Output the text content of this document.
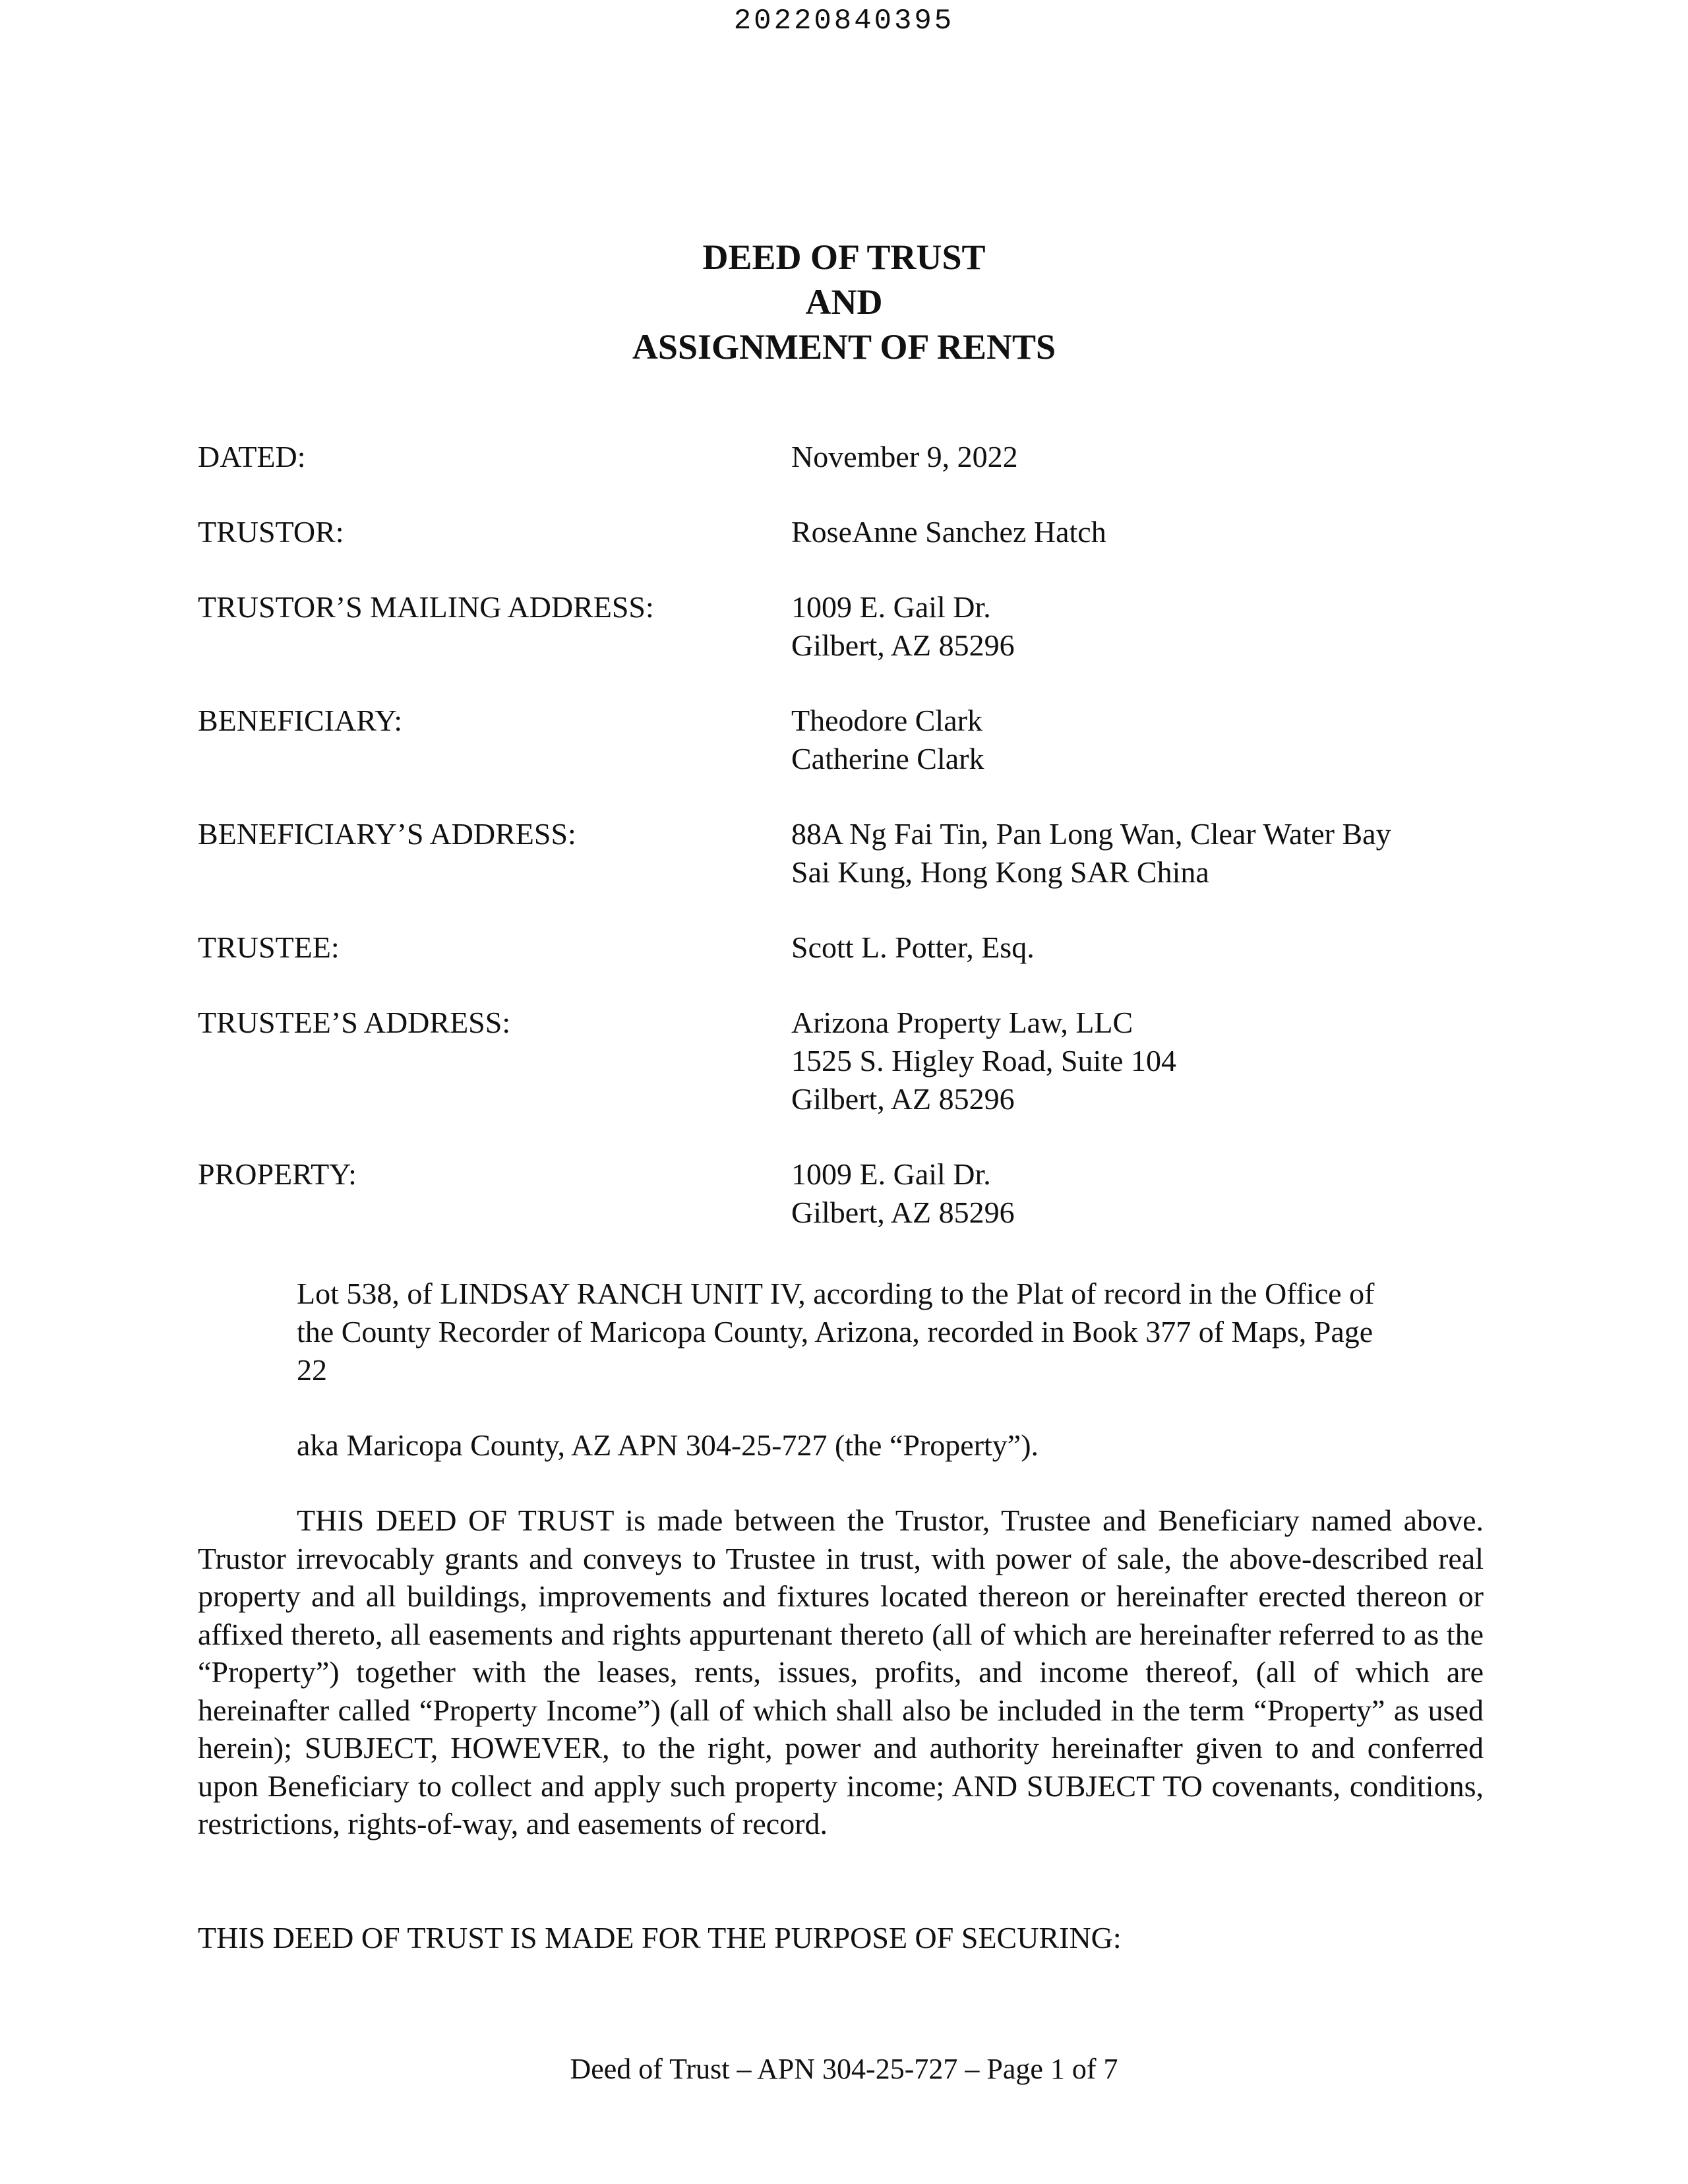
20220840395
DEED OF TRUST
AND
ASSIGNMENT OF RENTS
DATED:	November 9, 2022
TRUSTOR:	RoseAnne Sanchez Hatch
TRUSTOR’S MAILING ADDRESS:	1009 E. Gail Dr.
Gilbert, AZ 85296
BENEFICIARY:	Theodore Clark
Catherine Clark
BENEFICIARY’S ADDRESS:	88A Ng Fai Tin, Pan Long Wan, Clear Water Bay
Sai Kung, Hong Kong SAR China
TRUSTEE:	Scott L. Potter, Esq.
TRUSTEE’S ADDRESS:	Arizona Property Law, LLC
1525 S. Higley Road, Suite 104
Gilbert, AZ 85296
PROPERTY:	1009 E. Gail Dr.
Gilbert, AZ 85296
Lot 538, of LINDSAY RANCH UNIT IV, according to the Plat of record in the Office of the County Recorder of Maricopa County, Arizona, recorded in Book 377 of Maps, Page 22
aka Maricopa County, AZ APN 304-25-727 (the “Property”).
THIS DEED OF TRUST is made between the Trustor, Trustee and Beneficiary named above. Trustor irrevocably grants and conveys to Trustee in trust, with power of sale, the above-described real property and all buildings, improvements and fixtures located thereon or hereinafter erected thereon or affixed thereto, all easements and rights appurtenant thereto (all of which are hereinafter referred to as the “Property”) together with the leases, rents, issues, profits, and income thereof, (all of which are hereinafter called “Property Income”) (all of which shall also be included in the term “Property” as used herein); SUBJECT, HOWEVER, to the right, power and authority hereinafter given to and conferred upon Beneficiary to collect and apply such property income; AND SUBJECT TO covenants, conditions, restrictions, rights-of-way, and easements of record.
THIS DEED OF TRUST IS MADE FOR THE PURPOSE OF SECURING:
Deed of Trust – APN 304-25-727 – Page 1 of 7
